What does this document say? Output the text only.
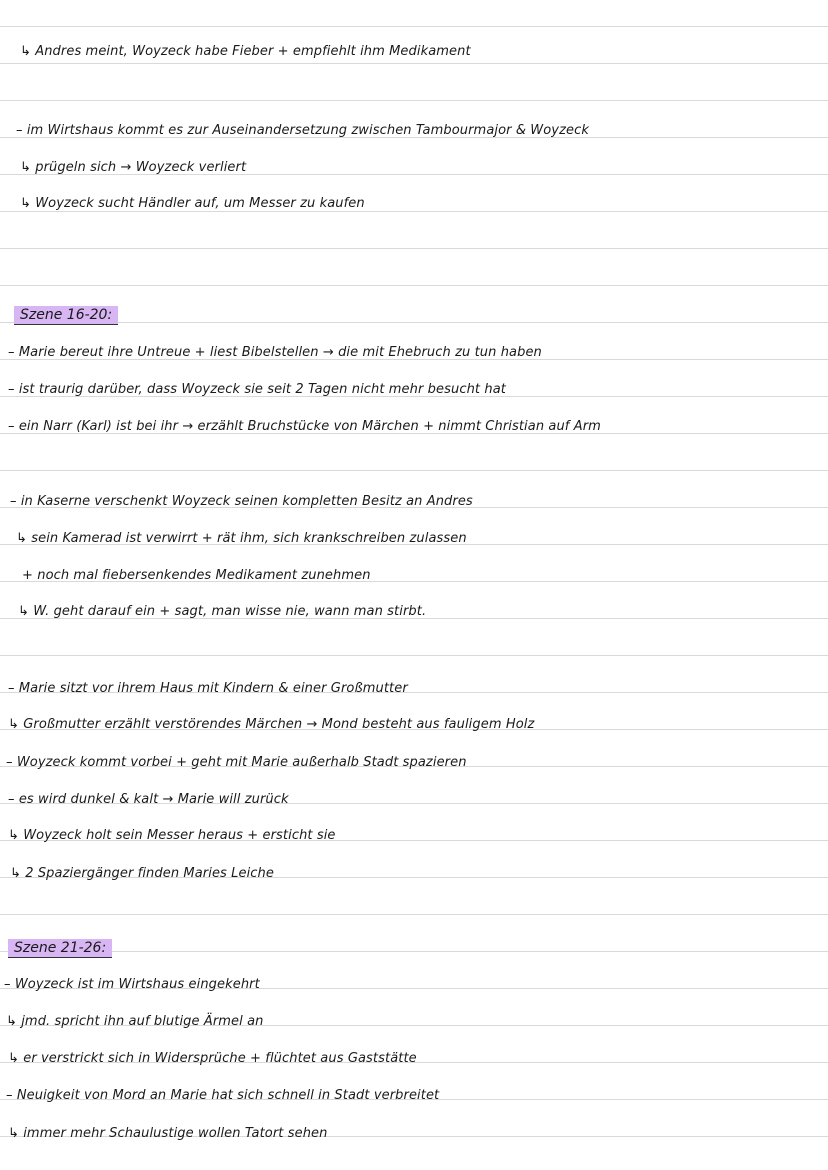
↳ Andres meint, Woyzeck habe Fieber + empfiehlt ihm Medikament
– im Wirtshaus kommt es zur Auseinandersetzung zwischen Tambourmajor & Woyzeck
↳ prügeln sich → Woyzeck verliert
↳ Woyzeck sucht Händler auf, um Messer zu kaufen
Szene 16-20:
– Marie bereut ihre Untreue + liest Bibelstellen → die mit Ehebruch zu tun haben
– ist traurig darüber, dass Woyzeck sie seit 2 Tagen nicht mehr besucht hat
– ein Narr (Karl) ist bei ihr → erzählt Bruchstücke von Märchen + nimmt Christian auf Arm
– in Kaserne verschenkt Woyzeck seinen kompletten Besitz an Andres
↳ sein Kamerad ist verwirrt + rät ihm, sich krankschreiben zulassen
+ noch mal fiebersenkendes Medikament zunehmen
↳ W. geht darauf ein + sagt, man wisse nie, wann man stirbt.
– Marie sitzt vor ihrem Haus mit Kindern & einer Großmutter
↳ Großmutter erzählt verstörendes Märchen → Mond besteht aus fauligem Holz
– Woyzeck kommt vorbei + geht mit Marie außerhalb Stadt spazieren
– es wird dunkel & kalt → Marie will zurück
↳ Woyzeck holt sein Messer heraus + ersticht sie
↳ 2 Spaziergänger finden Maries Leiche
Szene 21-26:
– Woyzeck ist im Wirtshaus eingekehrt
↳ jmd. spricht ihn auf blutige Ärmel an
↳ er verstrickt sich in Widersprüche + flüchtet aus Gaststätte
– Neuigkeit von Mord an Marie hat sich schnell in Stadt verbreitet
↳ immer mehr Schaulustige wollen Tatort sehen
